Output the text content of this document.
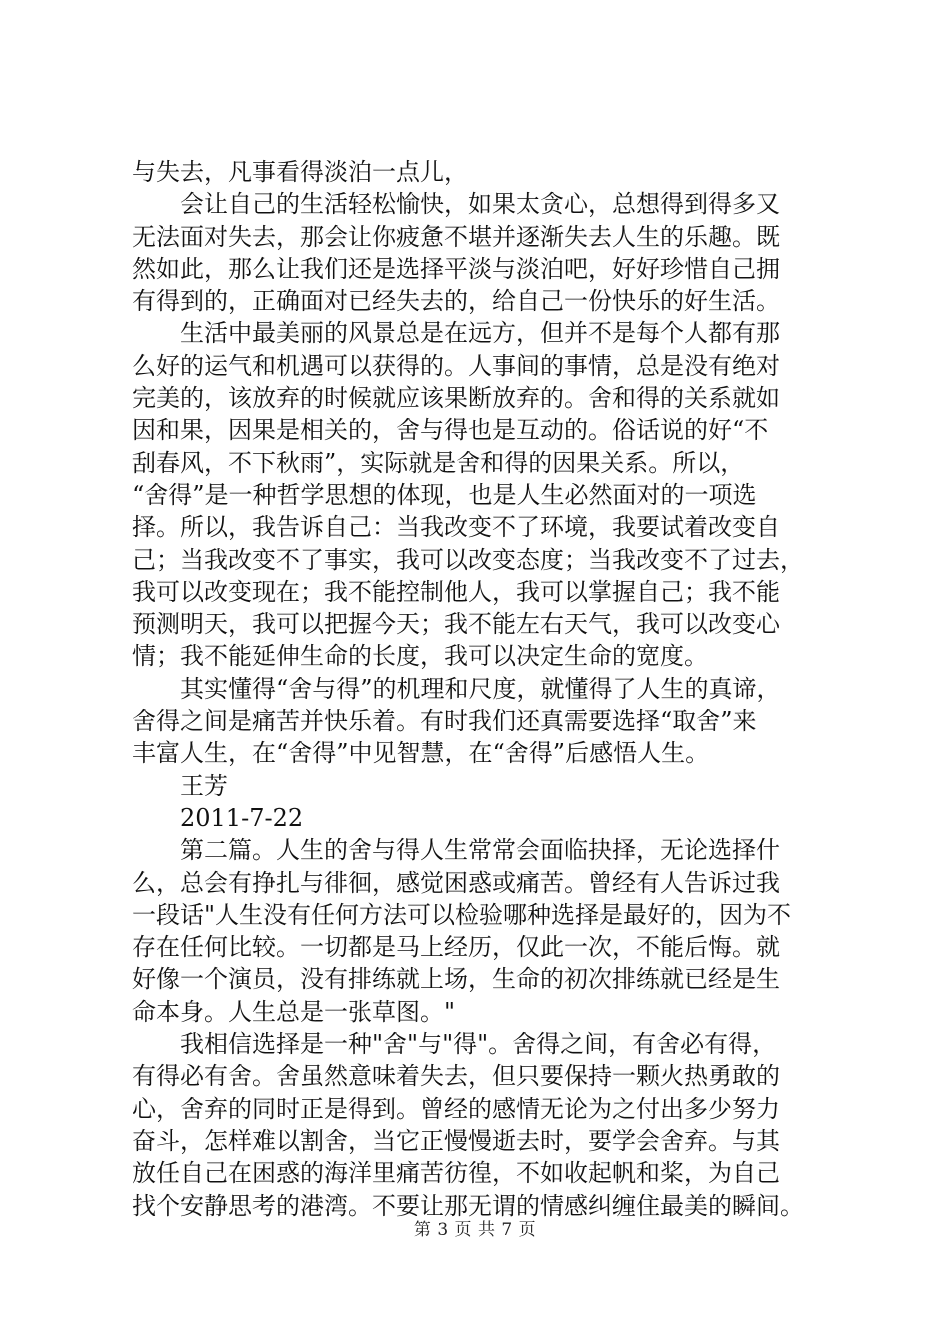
与失去，凡事看得淡泊一点儿，
会让自己的生活轻松愉快，如果太贪心，总想得到得多又
无法面对失去，那会让你疲惫不堪并逐渐失去人生的乐趣。既
然如此，那么让我们还是选择平淡与淡泊吧，好好珍惜自己拥
有得到的，正确面对已经失去的，给自己一份快乐的好生活。
生活中最美丽的风景总是在远方，但并不是每个人都有那
么好的运气和机遇可以获得的。人事间的事情，总是没有绝对
完美的，该放弃的时候就应该果断放弃的。舍和得的关系就如
因和果，因果是相关的，舍与得也是互动的。俗话说的好“不
刮春风，不下秋雨”，实际就是舍和得的因果关系。所以，
“舍得”是一种哲学思想的体现，也是人生必然面对的一项选
择。所以，我告诉自己：当我改变不了环境，我要试着改变自
己；当我改变不了事实，我可以改变态度；当我改变不了过去，
我可以改变现在；我不能控制他人，我可以掌握自己；我不能
预测明天，我可以把握今天；我不能左右天气，我可以改变心
情；我不能延伸生命的长度，我可以决定生命的宽度。
其实懂得“舍与得”的机理和尺度，就懂得了人生的真谛，
舍得之间是痛苦并快乐着。有时我们还真需要选择“取舍”来
丰富人生，在“舍得”中见智慧，在“舍得”后感悟人生。
王芳
2011-7-22
第二篇。人生的舍与得人生常常会面临抉择，无论选择什
么，总会有挣扎与徘徊，感觉困惑或痛苦。曾经有人告诉过我
一段话"人生没有任何方法可以检验哪种选择是最好的，因为不
存在任何比较。一切都是马上经历，仅此一次，不能后悔。就
好像一个演员，没有排练就上场，生命的初次排练就已经是生
命本身。人生总是一张草图。"
我相信选择是一种"舍"与"得"。舍得之间，有舍必有得，
有得必有舍。舍虽然意味着失去，但只要保持一颗火热勇敢的
心，舍弃的同时正是得到。曾经的感情无论为之付出多少努力
奋斗，怎样难以割舍，当它正慢慢逝去时，要学会舍弃。与其
放任自己在困惑的海洋里痛苦彷徨，不如收起帆和桨，为自己
找个安静思考的港湾。不要让那无谓的情感纠缠住最美的瞬间。
第 3 页 共 7 页
